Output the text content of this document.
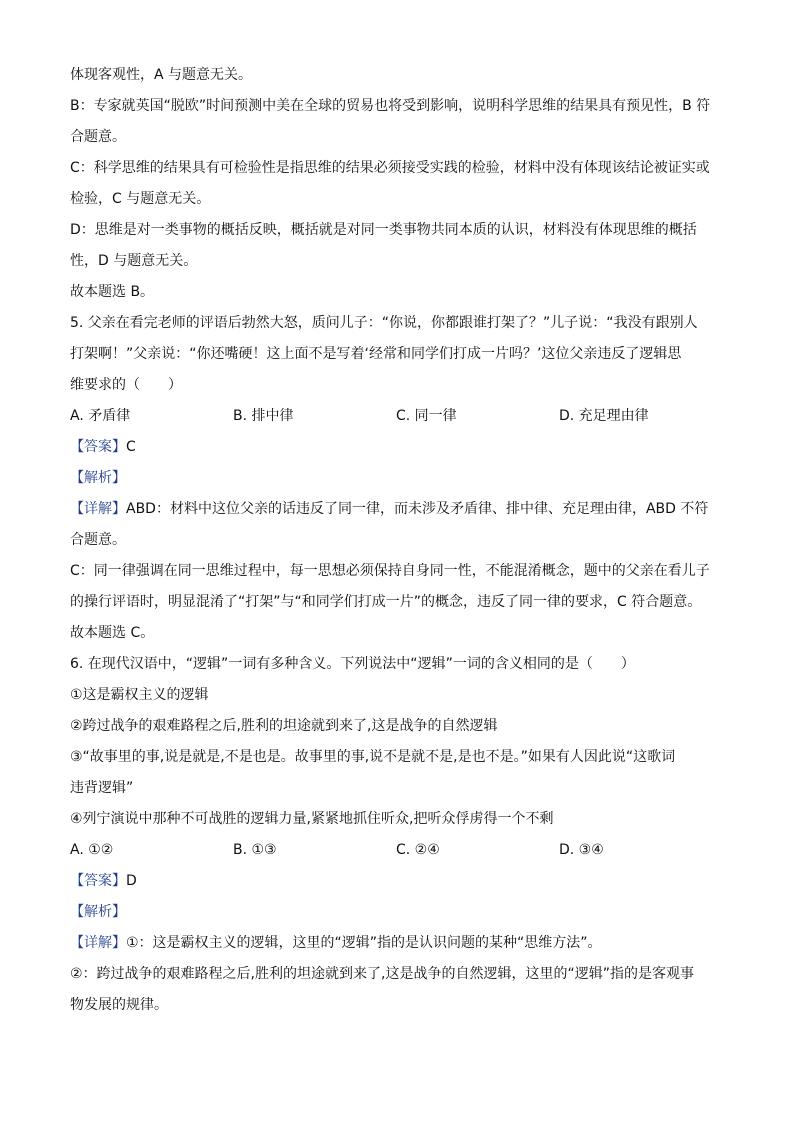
体现客观性，A 与题意无关。
B：专家就英国“脱欧”时间预测中美在全球的贸易也将受到影响，说明科学思维的结果具有预见性，B 符
合题意。
C：科学思维的结果具有可检验性是指思维的结果必须接受实践的检验，材料中没有体现该结论被证实或
检验，C 与题意无关。
D：思维是对一类事物的概括反映，概括就是对同一类事物共同本质的认识，材料没有体现思维的概括
性，D 与题意无关。
故本题选 B。
5. 父亲在看完老师的评语后勃然大怒，质问儿子：“你说，你都跟谁打架了？”儿子说：“我没有跟别人
打架啊！”父亲说：“你还嘴硬！这上面不是写着‘经常和同学们打成一片吗？’这位父亲违反了逻辑思
维要求的（　　）
A. 矛盾律	B. 排中律	C. 同一律	D. 充足理由律
【答案】C
【解析】
【详解】ABD：材料中这位父亲的话违反了同一律，而未涉及矛盾律、排中律、充足理由律，ABD 不符
合题意。
C：同一律强调在同一思维过程中，每一思想必须保持自身同一性，不能混淆概念，题中的父亲在看儿子
的操行评语时，明显混淆了“打架”与“和同学们打成一片”的概念，违反了同一律的要求，C 符合题意。
故本题选 C。
6. 在现代汉语中，“逻辑”一词有多种含义。下列说法中“逻辑”一词的含义相同的是（　　）
①这是霸权主义的逻辑
②跨过战争的艰难路程之后,胜利的坦途就到来了,这是战争的自然逻辑
③“故事里的事,说是就是,不是也是。故事里的事,说不是就不是,是也不是。”如果有人因此说“这歌词
违背逻辑”
④列宁演说中那种不可战胜的逻辑力量,紧紧地抓住听众,把听众俘虏得一个不剩
A. ①②	B. ①③	C. ②④	D. ③④
【答案】D
【解析】
【详解】①：这是霸权主义的逻辑，这里的“逻辑”指的是认识问题的某种“思维方法”。
②：跨过战争的艰难路程之后,胜利的坦途就到来了,这是战争的自然逻辑，这里的“逻辑”指的是客观事
物发展的规律。
